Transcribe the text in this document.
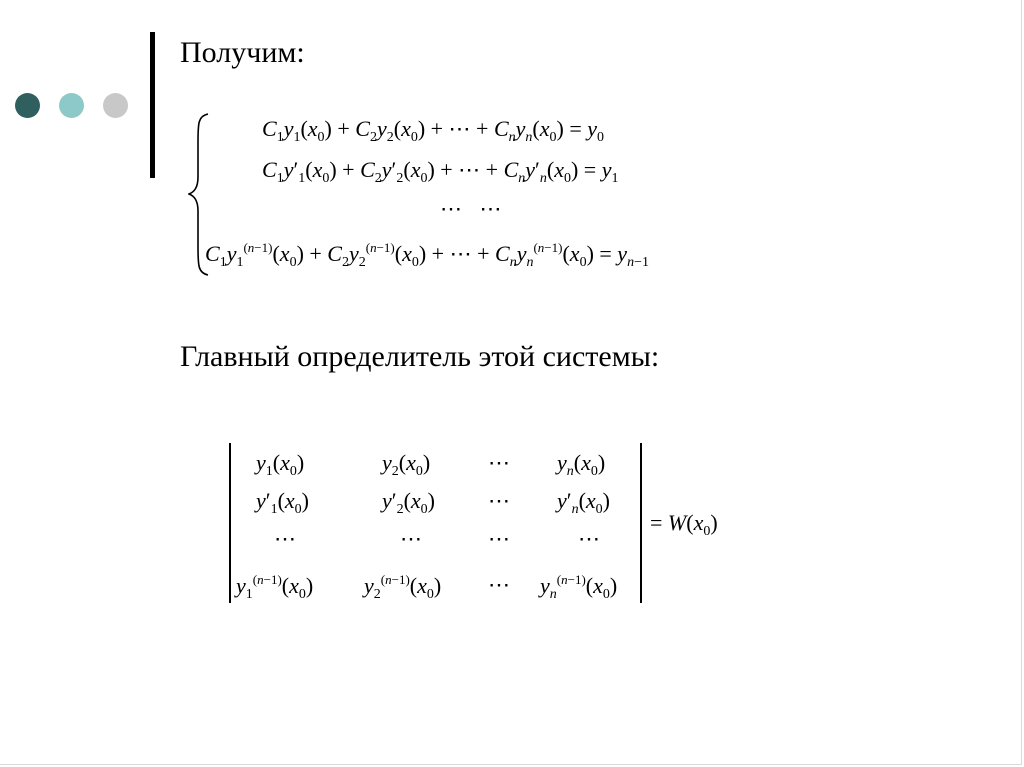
Получим:
$C_1y_1(x_0) + C_2y_2(x_0)$ + ⋯ + $C_ny_n(x_0) = y_0$
$C_1y'_1(x_0) + C_2y'_2(x_0)$ + ⋯ + $C_ny'_n(x_0) = y_1$
⋯ ⋯
$C_1y_1^{(n-1)}(x_0) + C_2y_2^{(n-1)}(x_0)$ + ⋯ + $C_ny_n^{(n-1)}(x_0) = y_{n-1}$
Главный определитель этой системы:
$y_1(x_0)$	$y_2(x_0)$	⋯ $y_n(x_0)$
$y'_1(x_0)$	$y'_2(x_0)$ ⋯ $y'_n(x_0)$
⋯	⋯	⋯	⋯
$y_1^{(n-1)}(x_0)$ $y_2^{(n-1)}(x_0)$ ⋯ $y_n^{(n-1)}(x_0)$
= $W(x_0)$
